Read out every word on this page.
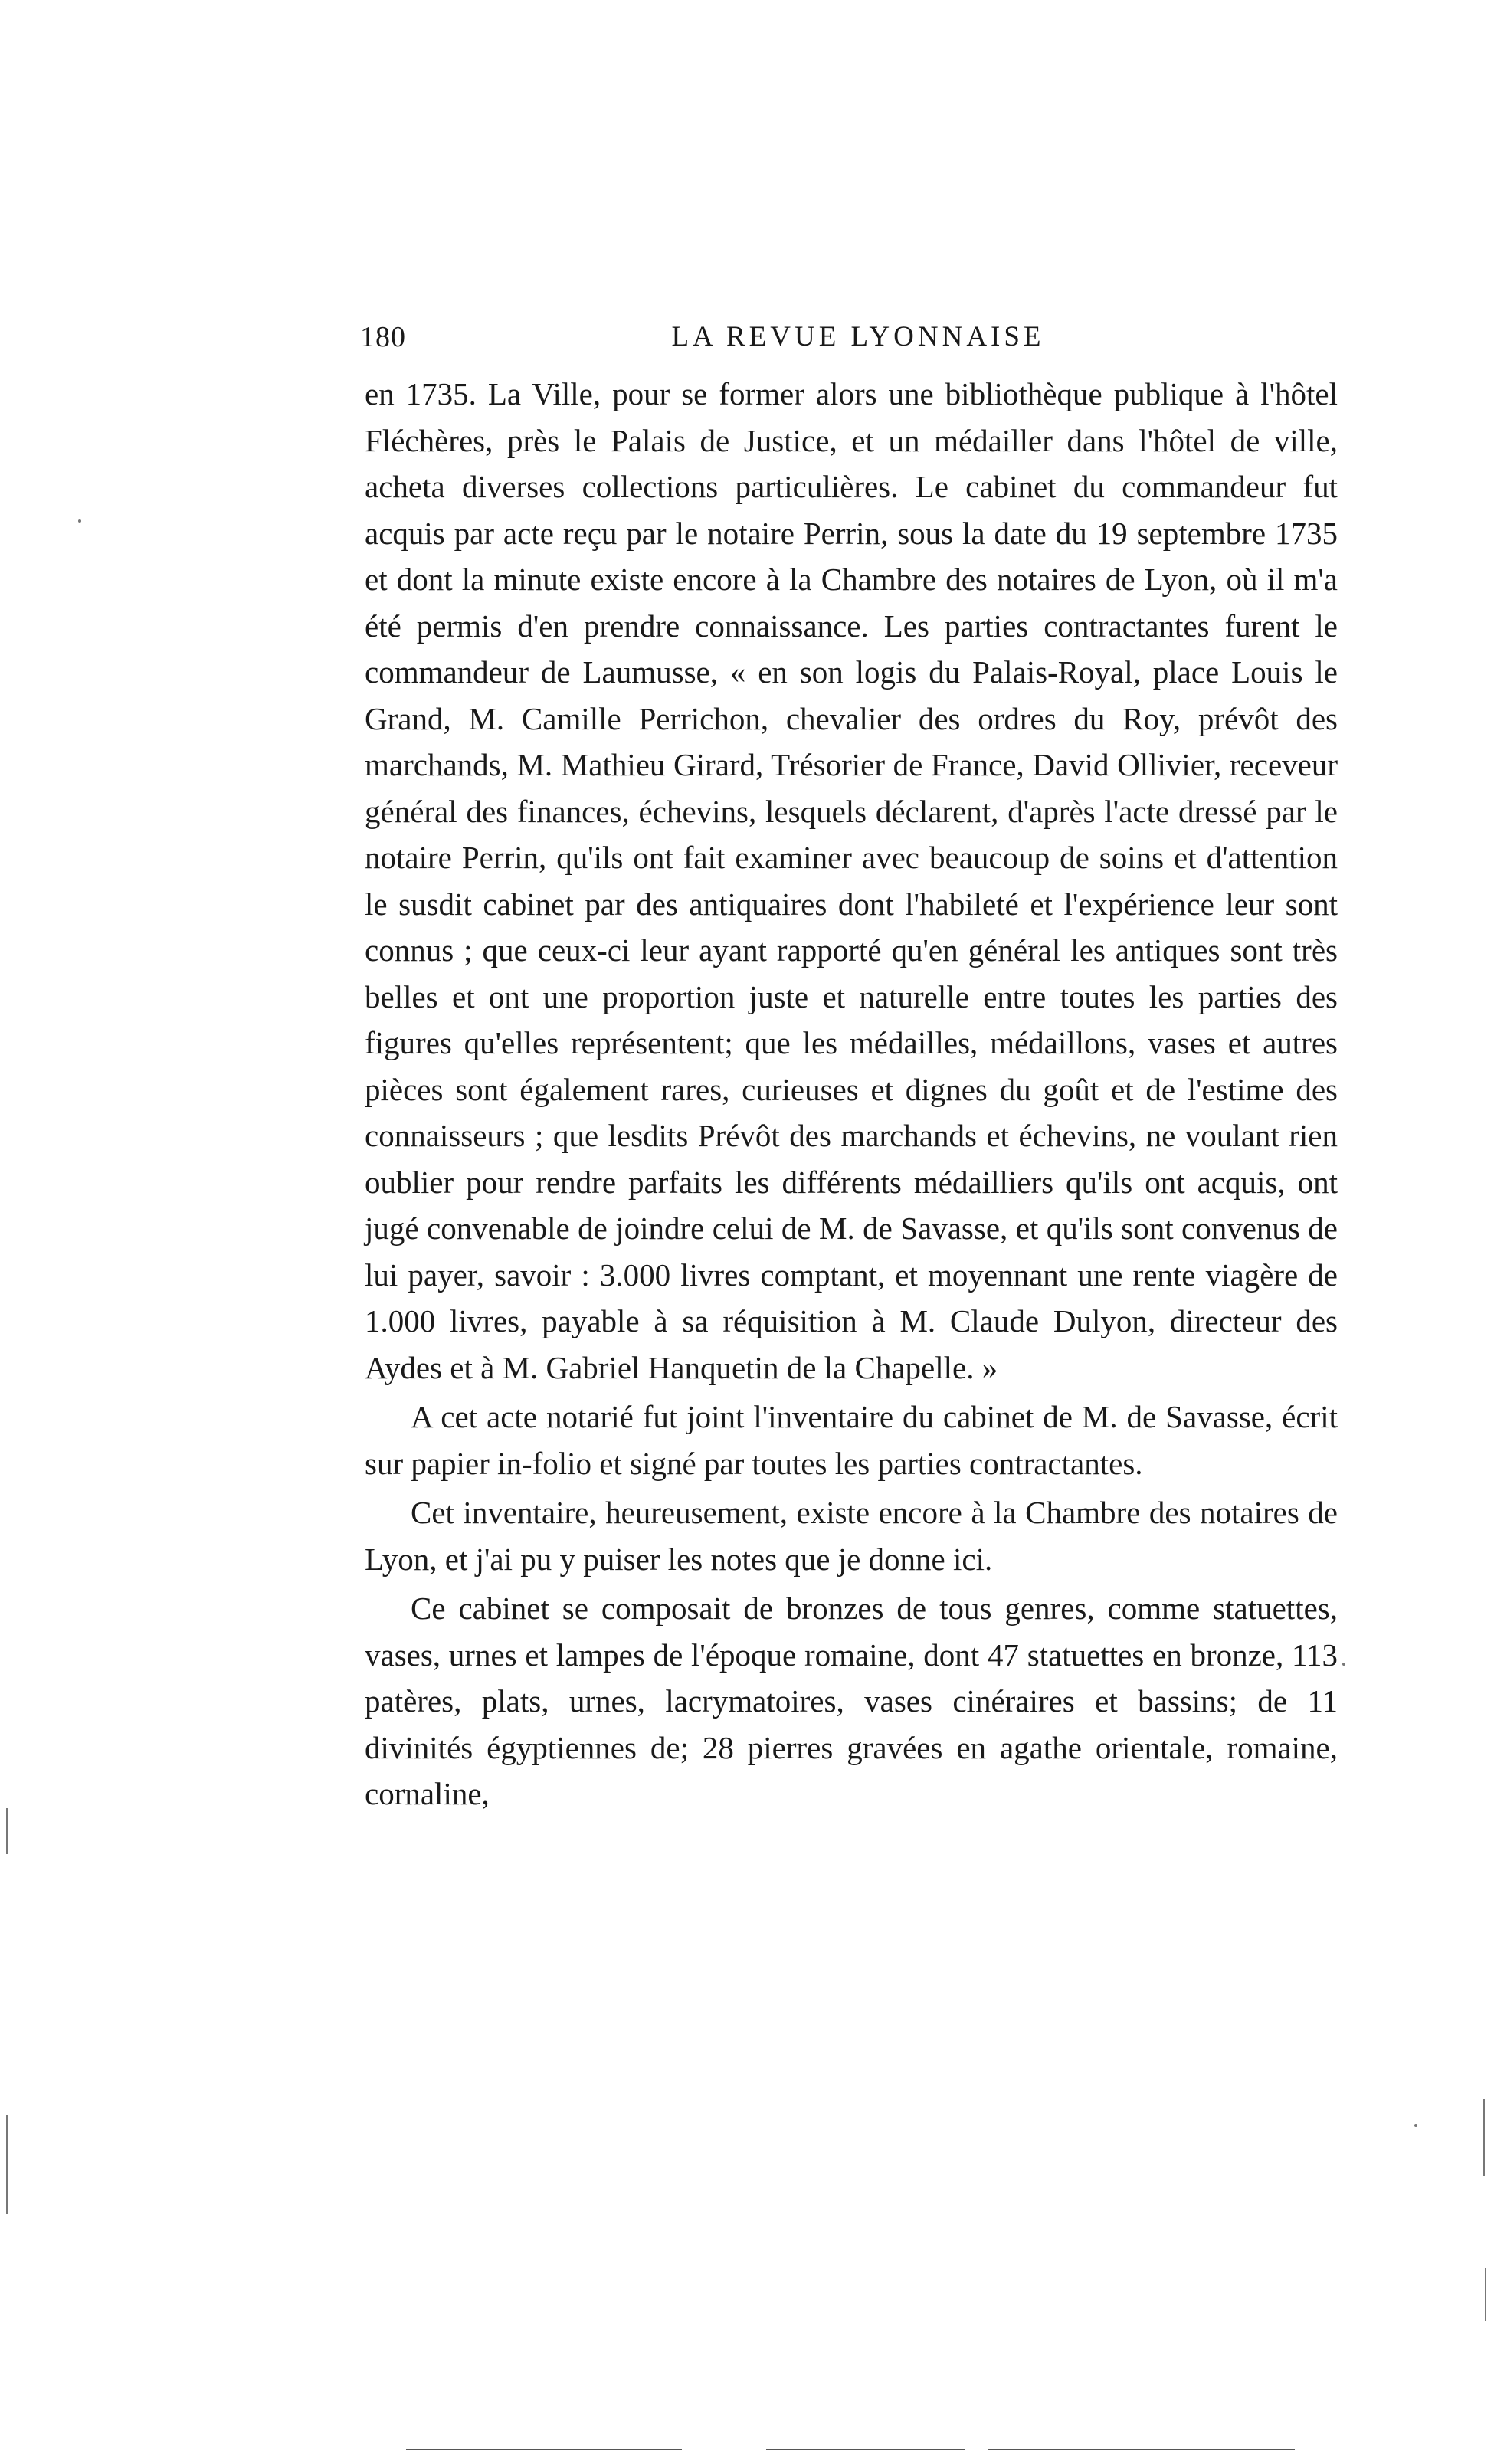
180	LA REVUE LYONNAISE

en 1735. La Ville, pour se former alors une bibliothèque publique à l'hôtel Fléchères, près le Palais de Justice, et un médailler dans l'hôtel de ville, acheta diverses collections particulières. Le cabinet du commandeur fut acquis par acte reçu par le notaire Perrin, sous la date du 19 septembre 1735 et dont la minute existe encore à la Chambre des notaires de Lyon, où il m'a été permis d'en prendre connaissance. Les parties contractantes furent le commandeur de Laumusse, « en son logis du Palais-Royal, place Louis le Grand, M. Camille Perrichon, chevalier des ordres du Roy, prévôt des marchands, M. Mathieu Girard, Trésorier de France, David Ollivier, receveur général des finances, échevins, lesquels déclarent, d'après l'acte dressé par le notaire Perrin, qu'ils ont fait examiner avec beaucoup de soins et d'attention le susdit cabinet par des antiquaires dont l'habileté et l'expérience leur sont connus ; que ceux-ci leur ayant rapporté qu'en général les antiques sont très belles et ont une proportion juste et naturelle entre toutes les parties des figures qu'elles représentent; que les médailles, médaillons, vases et autres pièces sont également rares, curieuses et dignes du goût et de l'estime des connaisseurs ; que lesdits Prévôt des marchands et échevins, ne voulant rien oublier pour rendre parfaits les différents médailliers qu'ils ont acquis, ont jugé convenable de joindre celui de M. de Savasse, et qu'ils sont convenus de lui payer, savoir : 3.000 livres comptant, et moyennant une rente viagère de 1.000 livres, payable à sa réquisition à M. Claude Dulyon, directeur des Aydes et à M. Gabriel Hanquetin de la Chapelle. »

A cet acte notarié fut joint l'inventaire du cabinet de M. de Savasse, écrit sur papier in-folio et signé par toutes les parties contractantes.

Cet inventaire, heureusement, existe encore à la Chambre des notaires de Lyon, et j'ai pu y puiser les notes que je donne ici.

Ce cabinet se composait de bronzes de tous genres, comme statuettes, vases, urnes et lampes de l'époque romaine, dont 47 statuettes en bronze, 113 patères, plats, urnes, lacrymatoires, vases cinéraires et bassins; de 11 divinités égyptiennes de; 28 pierres gravées en agathe orientale, romaine, cornaline,
